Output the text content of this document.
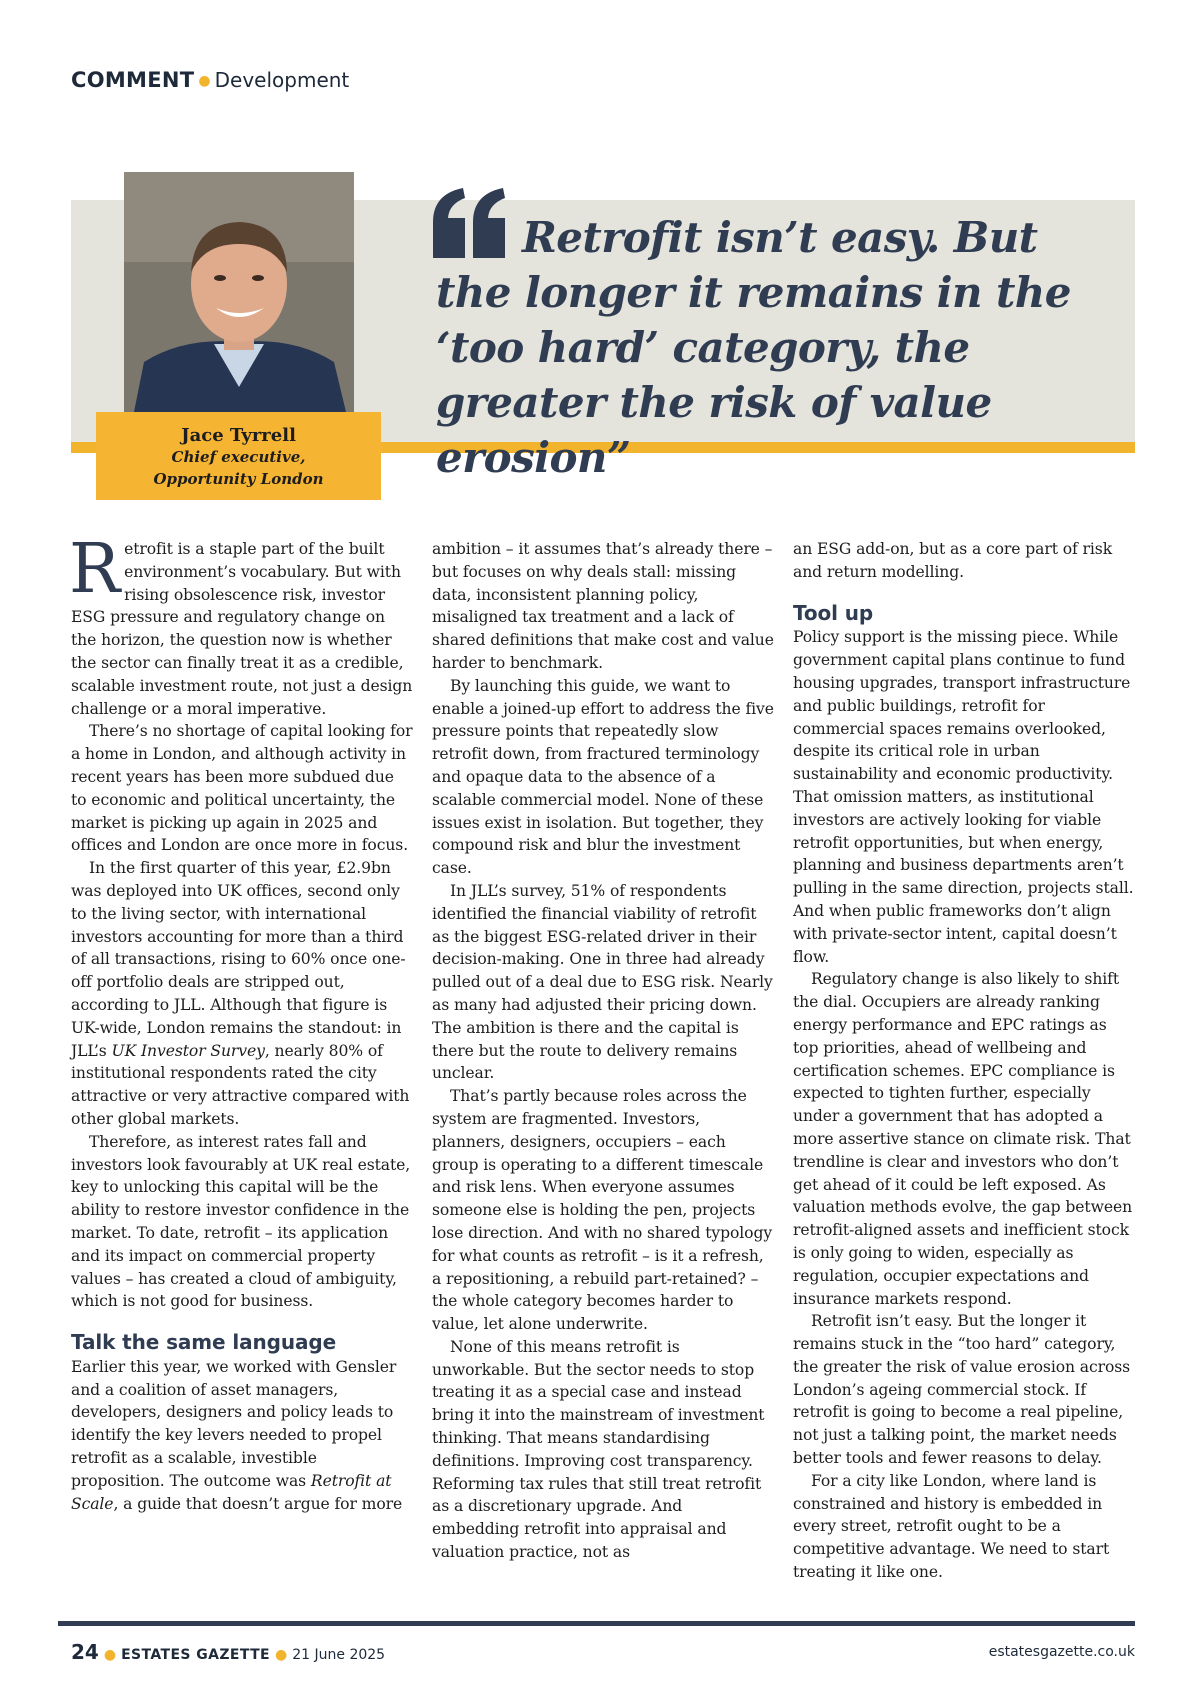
COMMENT ● Development
Jace Tyrrell
Chief executive,
Opportunity London

Retrofit isn’t easy. But the longer it remains in the ‘too hard’ category, the greater the risk of value erosion”

Retrofit is a staple part of the built environment’s vocabulary. But with rising obsolescence risk, investor ESG pressure and regulatory change on the horizon, the question now is whether the sector can finally treat it as a credible, scalable investment route, not just a design challenge or a moral imperative.

There’s no shortage of capital looking for a home in London, and although activity in recent years has been more subdued due to economic and political uncertainty, the market is picking up again in 2025 and offices and London are once more in focus.

In the first quarter of this year, £2.9bn was deployed into UK offices, second only to the living sector, with international investors accounting for more than a third of all transactions, rising to 60% once one-off portfolio deals are stripped out, according to JLL. Although that figure is UK-wide, London remains the standout: in JLL’s UK Investor Survey, nearly 80% of institutional respondents rated the city attractive or very attractive compared with other global markets.

Therefore, as interest rates fall and investors look favourably at UK real estate, key to unlocking this capital will be the ability to restore investor confidence in the market. To date, retrofit – its application and its impact on commercial property values – has created a cloud of ambiguity, which is not good for business.

Talk the same language

Earlier this year, we worked with Gensler and a coalition of asset managers, developers, designers and policy leads to identify the key levers needed to propel retrofit as a scalable, investible proposition. The outcome was Retrofit at Scale, a guide that doesn’t argue for more

ambition – it assumes that’s already there – but focuses on why deals stall: missing data, inconsistent planning policy, misaligned tax treatment and a lack of shared definitions that make cost and value harder to benchmark.

By launching this guide, we want to enable a joined-up effort to address the five pressure points that repeatedly slow retrofit down, from fractured terminology and opaque data to the absence of a scalable commercial model. None of these issues exist in isolation. But together, they compound risk and blur the investment case.

In JLL’s survey, 51% of respondents identified the financial viability of retrofit as the biggest ESG-related driver in their decision-making. One in three had already pulled out of a deal due to ESG risk. Nearly as many had adjusted their pricing down. The ambition is there and the capital is there but the route to delivery remains unclear.

That’s partly because roles across the system are fragmented. Investors, planners, designers, occupiers – each group is operating to a different timescale and risk lens. When everyone assumes someone else is holding the pen, projects lose direction. And with no shared typology for what counts as retrofit – is it a refresh, a repositioning, a rebuild part-retained? – the whole category becomes harder to value, let alone underwrite.

None of this means retrofit is unworkable. But the sector needs to stop treating it as a special case and instead bring it into the mainstream of investment thinking. That means standardising definitions. Improving cost transparency. Reforming tax rules that still treat retrofit as a discretionary upgrade. And embedding retrofit into appraisal and valuation practice, not as

an ESG add-on, but as a core part of risk and return modelling.

Tool up

Policy support is the missing piece. While government capital plans continue to fund housing upgrades, transport infrastructure and public buildings, retrofit for commercial spaces remains overlooked, despite its critical role in urban sustainability and economic productivity. That omission matters, as institutional investors are actively looking for viable retrofit opportunities, but when energy, planning and business departments aren’t pulling in the same direction, projects stall. And when public frameworks don’t align with private-sector intent, capital doesn’t flow.

Regulatory change is also likely to shift the dial. Occupiers are already ranking energy performance and EPC ratings as top priorities, ahead of wellbeing and certification schemes. EPC compliance is expected to tighten further, especially under a government that has adopted a more assertive stance on climate risk. That trendline is clear and investors who don’t get ahead of it could be left exposed. As valuation methods evolve, the gap between retrofit-aligned assets and inefficient stock is only going to widen, especially as regulation, occupier expectations and insurance markets respond.

Retrofit isn’t easy. But the longer it remains stuck in the “too hard” category, the greater the risk of value erosion across London’s ageing commercial stock. If retrofit is going to become a real pipeline, not just a talking point, the market needs better tools and fewer reasons to delay.

For a city like London, where land is constrained and history is embedded in every street, retrofit ought to be a competitive advantage. We need to start treating it like one.

24 ● ESTATES GAZETTE ● 21 June 2025	estatesgazette.co.uk
